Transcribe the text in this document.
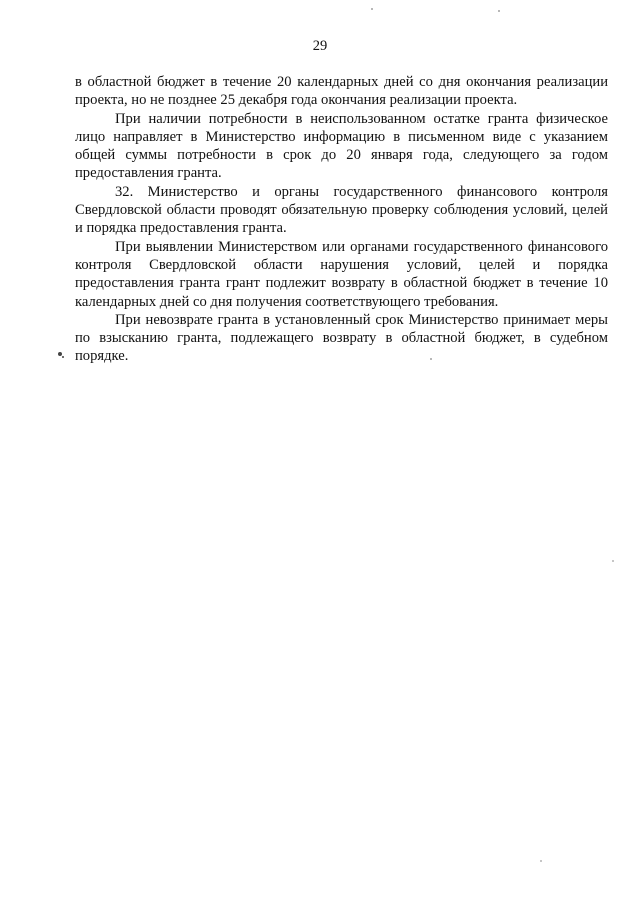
29

в областной бюджет в течение 20 календарных дней со дня окончания реализации проекта, но не позднее 25 декабря года окончания реализации проекта.

При наличии потребности в неиспользованном остатке гранта физическое лицо направляет в Министерство информацию в письменном виде с указанием общей суммы потребности в срок до 20 января года, следующего за годом предоставления гранта.

32. Министерство и органы государственного финансового контроля Свердловской области проводят обязательную проверку соблюдения условий, целей и порядка предоставления гранта.

При выявлении Министерством или органами государственного финансового контроля Свердловской области нарушения условий, целей и порядка предоставления гранта грант подлежит возврату в областной бюджет в течение 10 календарных дней со дня получения соответствующего требования.

При невозврате гранта в установленный срок Министерство принимает меры по взысканию гранта, подлежащего возврату в областной бюджет, в судебном порядке.
